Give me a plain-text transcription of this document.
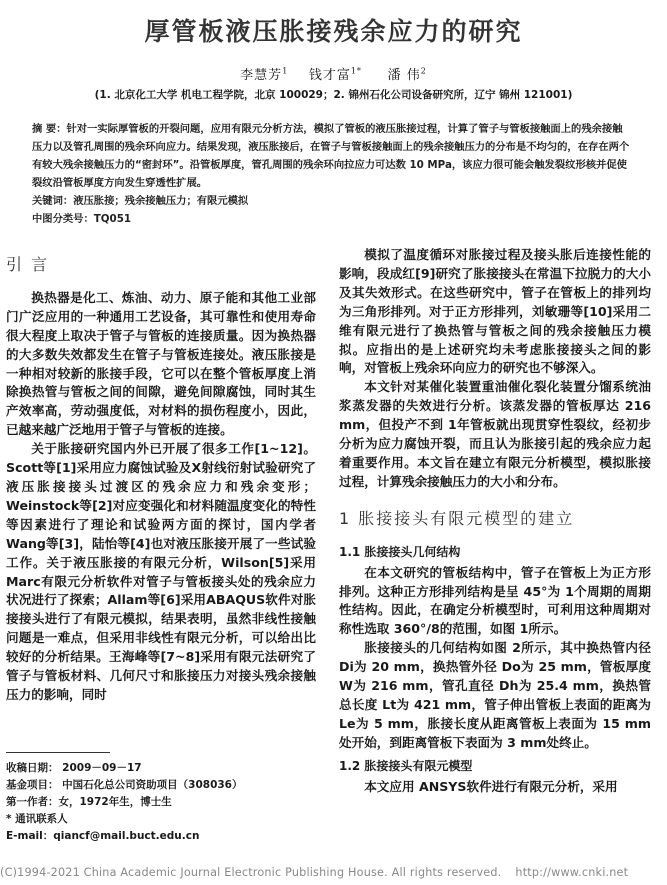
厚管板液压胀接残余应力的研究
李慧芳$^1$ 钱才富$^{1*}$ 潘 伟$^2$
(1. 北京化工大学 机电工程学院，北京 100029；2. 锦州石化公司设备研究所，辽宁 锦州 121001)

摘 要：针对一实际厚管板的开裂问题，应用有限元分析方法，模拟了管板的液压胀接过程，计算了管子与管板接触面上的残余接触压力以及管孔周围的残余环向应力。结果发现，液压胀接后，在管子与管板接触面上的残余接触压力的分布是不均匀的，在存在两个有较大残余接触压力的“密封环”。沿管板厚度，管孔周围的残余环向拉应力可达数 10 MPa，该应力很可能会触发裂纹形核并促使裂纹沿管板厚度方向发生穿透性扩展。

关键词：液压胀接；残余接触压力；有限元模拟

中图分类号：TQ051

引 言

换热器是化工、炼油、动力、原子能和其他工业部门广泛应用的一种通用工艺设备，其可靠性和使用寿命很大程度上取决于管子与管板的连接质量。因为换热器的大多数失效都发生在管子与管板连接处。液压胀接是一种相对较新的胀接手段，它可以在整个管板厚度上消除换热管与管板之间的间隙，避免间隙腐蚀，同时其生产效率高，劳动强度低，对材料的损伤程度小，因此，已越来越广泛地用于管子与管板的连接。

关于胀接研究国内外已开展了很多工作[1~12]。Scott等[1]采用应力腐蚀试验及X射线衍射试验研究了液压胀接接头过渡区的残余应力和残余变形；Weinstock等[2]对应变强化和材料随温度变化的特性等因素进行了理论和试验两方面的探讨，国内学者 Wang等[3]，陆怡等[4]也对液压胀接开展了一些试验工作。关于液压胀接的有限元分析，Wilson[5]采用 Marc有限元分析软件对管子与管板接头处的残余应力状况进行了探索；Allam等[6]采用ABAQUS软件对胀接接头进行了有限元模拟，结果表明，虽然非线性接触问题是一难点，但采用非线性有限元分析，可以给出比较好的分析结果。王海峰等[7~8]采用有限元法研究了管子与管板材料、几何尺寸和胀接压力对接头残余接触压力的影响，同时

模拟了温度循环对胀接过程及接头胀后连接性能的影响，段成红[9]研究了胀接接头在常温下拉脱力的大小及其失效形式。在这些研究中，管子在管板上的排列均为三角形排列。对于正方形排列，刘敏珊等[10]采用二维有限元进行了换热管与管板之间的残余接触压力模拟。应指出的是上述研究均未考虑胀接接头之间的影响，对管板上残余环向应力的研究也不够深入。

本文针对某催化装置重油催化裂化装置分馏系统油浆蒸发器的失效进行分析。该蒸发器的管板厚达 216 mm，但投产不到 1年管板就出现贯穿性裂纹，经初步分析为应力腐蚀开裂，而且认为胀接引起的残余应力起着重要作用。本文旨在建立有限元分析模型，模拟胀接过程，计算残余接触压力的大小和分布。

1 胀接接头有限元模型的建立
1.1 胀接接头几何结构

在本文研究的管板结构中，管子在管板上为正方形排列。这种正方形排列结构是呈 45°为 1个周期的周期性结构。因此，在确定分析模型时，可利用这种周期对称性选取 360°/8的范围，如图 1所示。

胀接接头的几何结构如图 2所示，其中换热管内径 Di为 20 mm，换热管外径 Do为 25 mm，管板厚度 W为 216 mm，管孔直径 Dh为 25.4 mm，换热管总长度 Lt为 421 mm，管子伸出管板上表面的距离为 Le为 5 mm，胀接长度从距离管板上表面为 15 mm处开始，到距离管板下表面为 3 mm处终止。

1.2 胀接接头有限元模型

本文应用 ANSYS软件进行有限元分析，采用

收稿日期： 2009－09－17
基金项目： 中国石化总公司资助项目（308036）
第一作者：女，1972年生，博士生
* 通讯联系人
E-mail：qiancf@mail.buct.edu.cn
(C)1994-2021 China Academic Journal Electronic Publishing House. All rights reserved. http://www.cnki.net
